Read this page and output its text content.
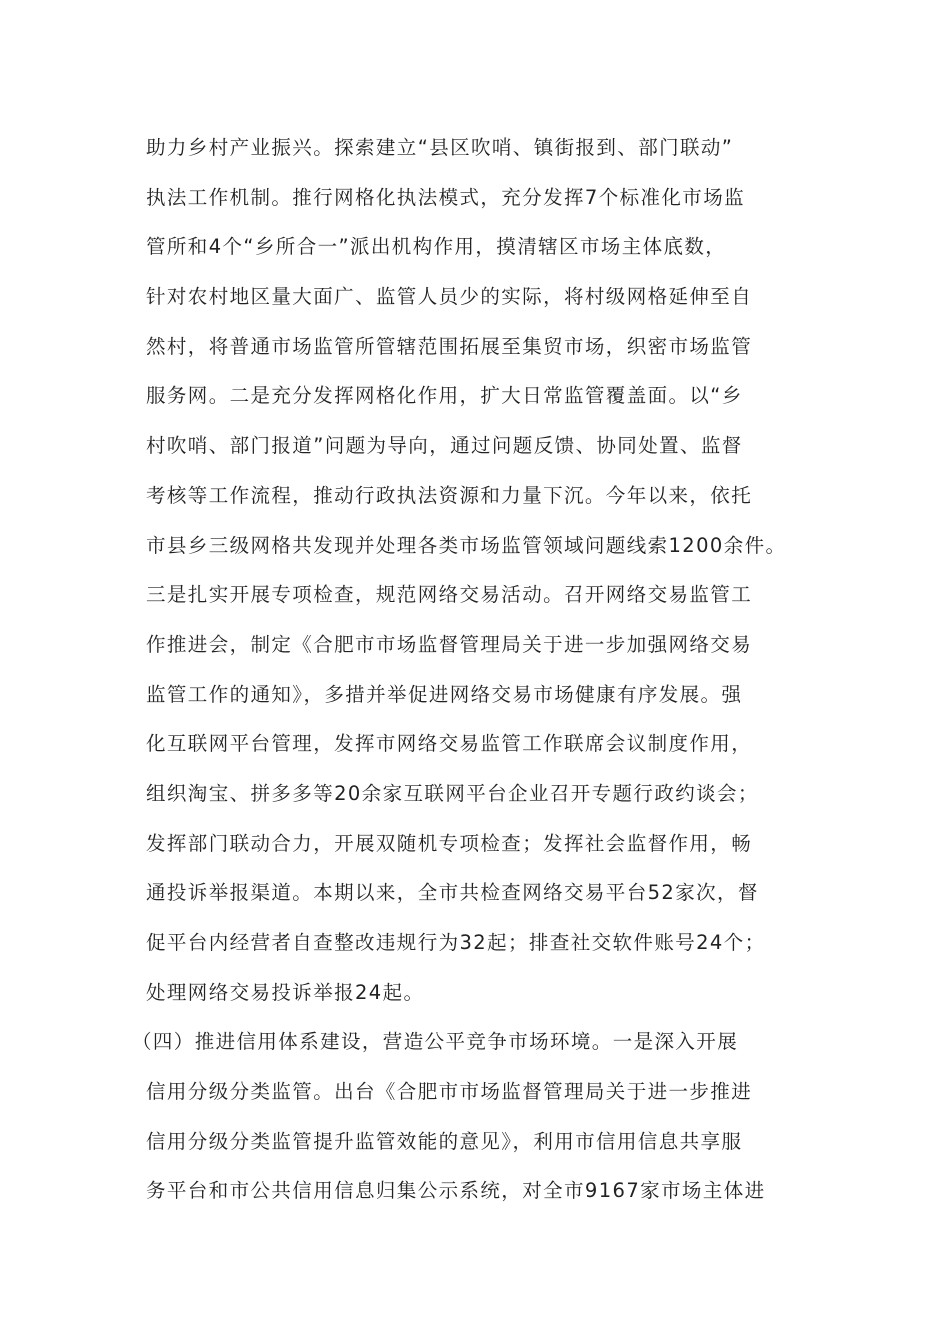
助力乡村产业振兴。探索建立“县区吹哨、镇街报到、部门联动”
执法工作机制。推行网格化执法模式，充分发挥7个标准化市场监
管所和4个“乡所合一”派出机构作用，摸清辖区市场主体底数，
针对农村地区量大面广、监管人员少的实际，将村级网格延伸至自
然村，将普通市场监管所管辖范围拓展至集贸市场，织密市场监管
服务网。二是充分发挥网格化作用，扩大日常监管覆盖面。以“乡
村吹哨、部门报道”问题为导向，通过问题反馈、协同处置、监督
考核等工作流程，推动行政执法资源和力量下沉。今年以来，依托
市县乡三级网格共发现并处理各类市场监管领域问题线索1200余件。
三是扎实开展专项检查，规范网络交易活动。召开网络交易监管工
作推进会，制定《合肥市市场监督管理局关于进一步加强网络交易
监管工作的通知》，多措并举促进网络交易市场健康有序发展。强
化互联网平台管理，发挥市网络交易监管工作联席会议制度作用，
组织淘宝、拼多多等20余家互联网平台企业召开专题行政约谈会；
发挥部门联动合力，开展双随机专项检查；发挥社会监督作用，畅
通投诉举报渠道。本期以来，全市共检查网络交易平台52家次，督
促平台内经营者自查整改违规行为32起；排查社交软件账号24个；
处理网络交易投诉举报24起。
（四）推进信用体系建设，营造公平竞争市场环境。一是深入开展
信用分级分类监管。出台《合肥市市场监督管理局关于进一步推进
信用分级分类监管提升监管效能的意见》，利用市信用信息共享服
务平台和市公共信用信息归集公示系统，对全市9167家市场主体进
